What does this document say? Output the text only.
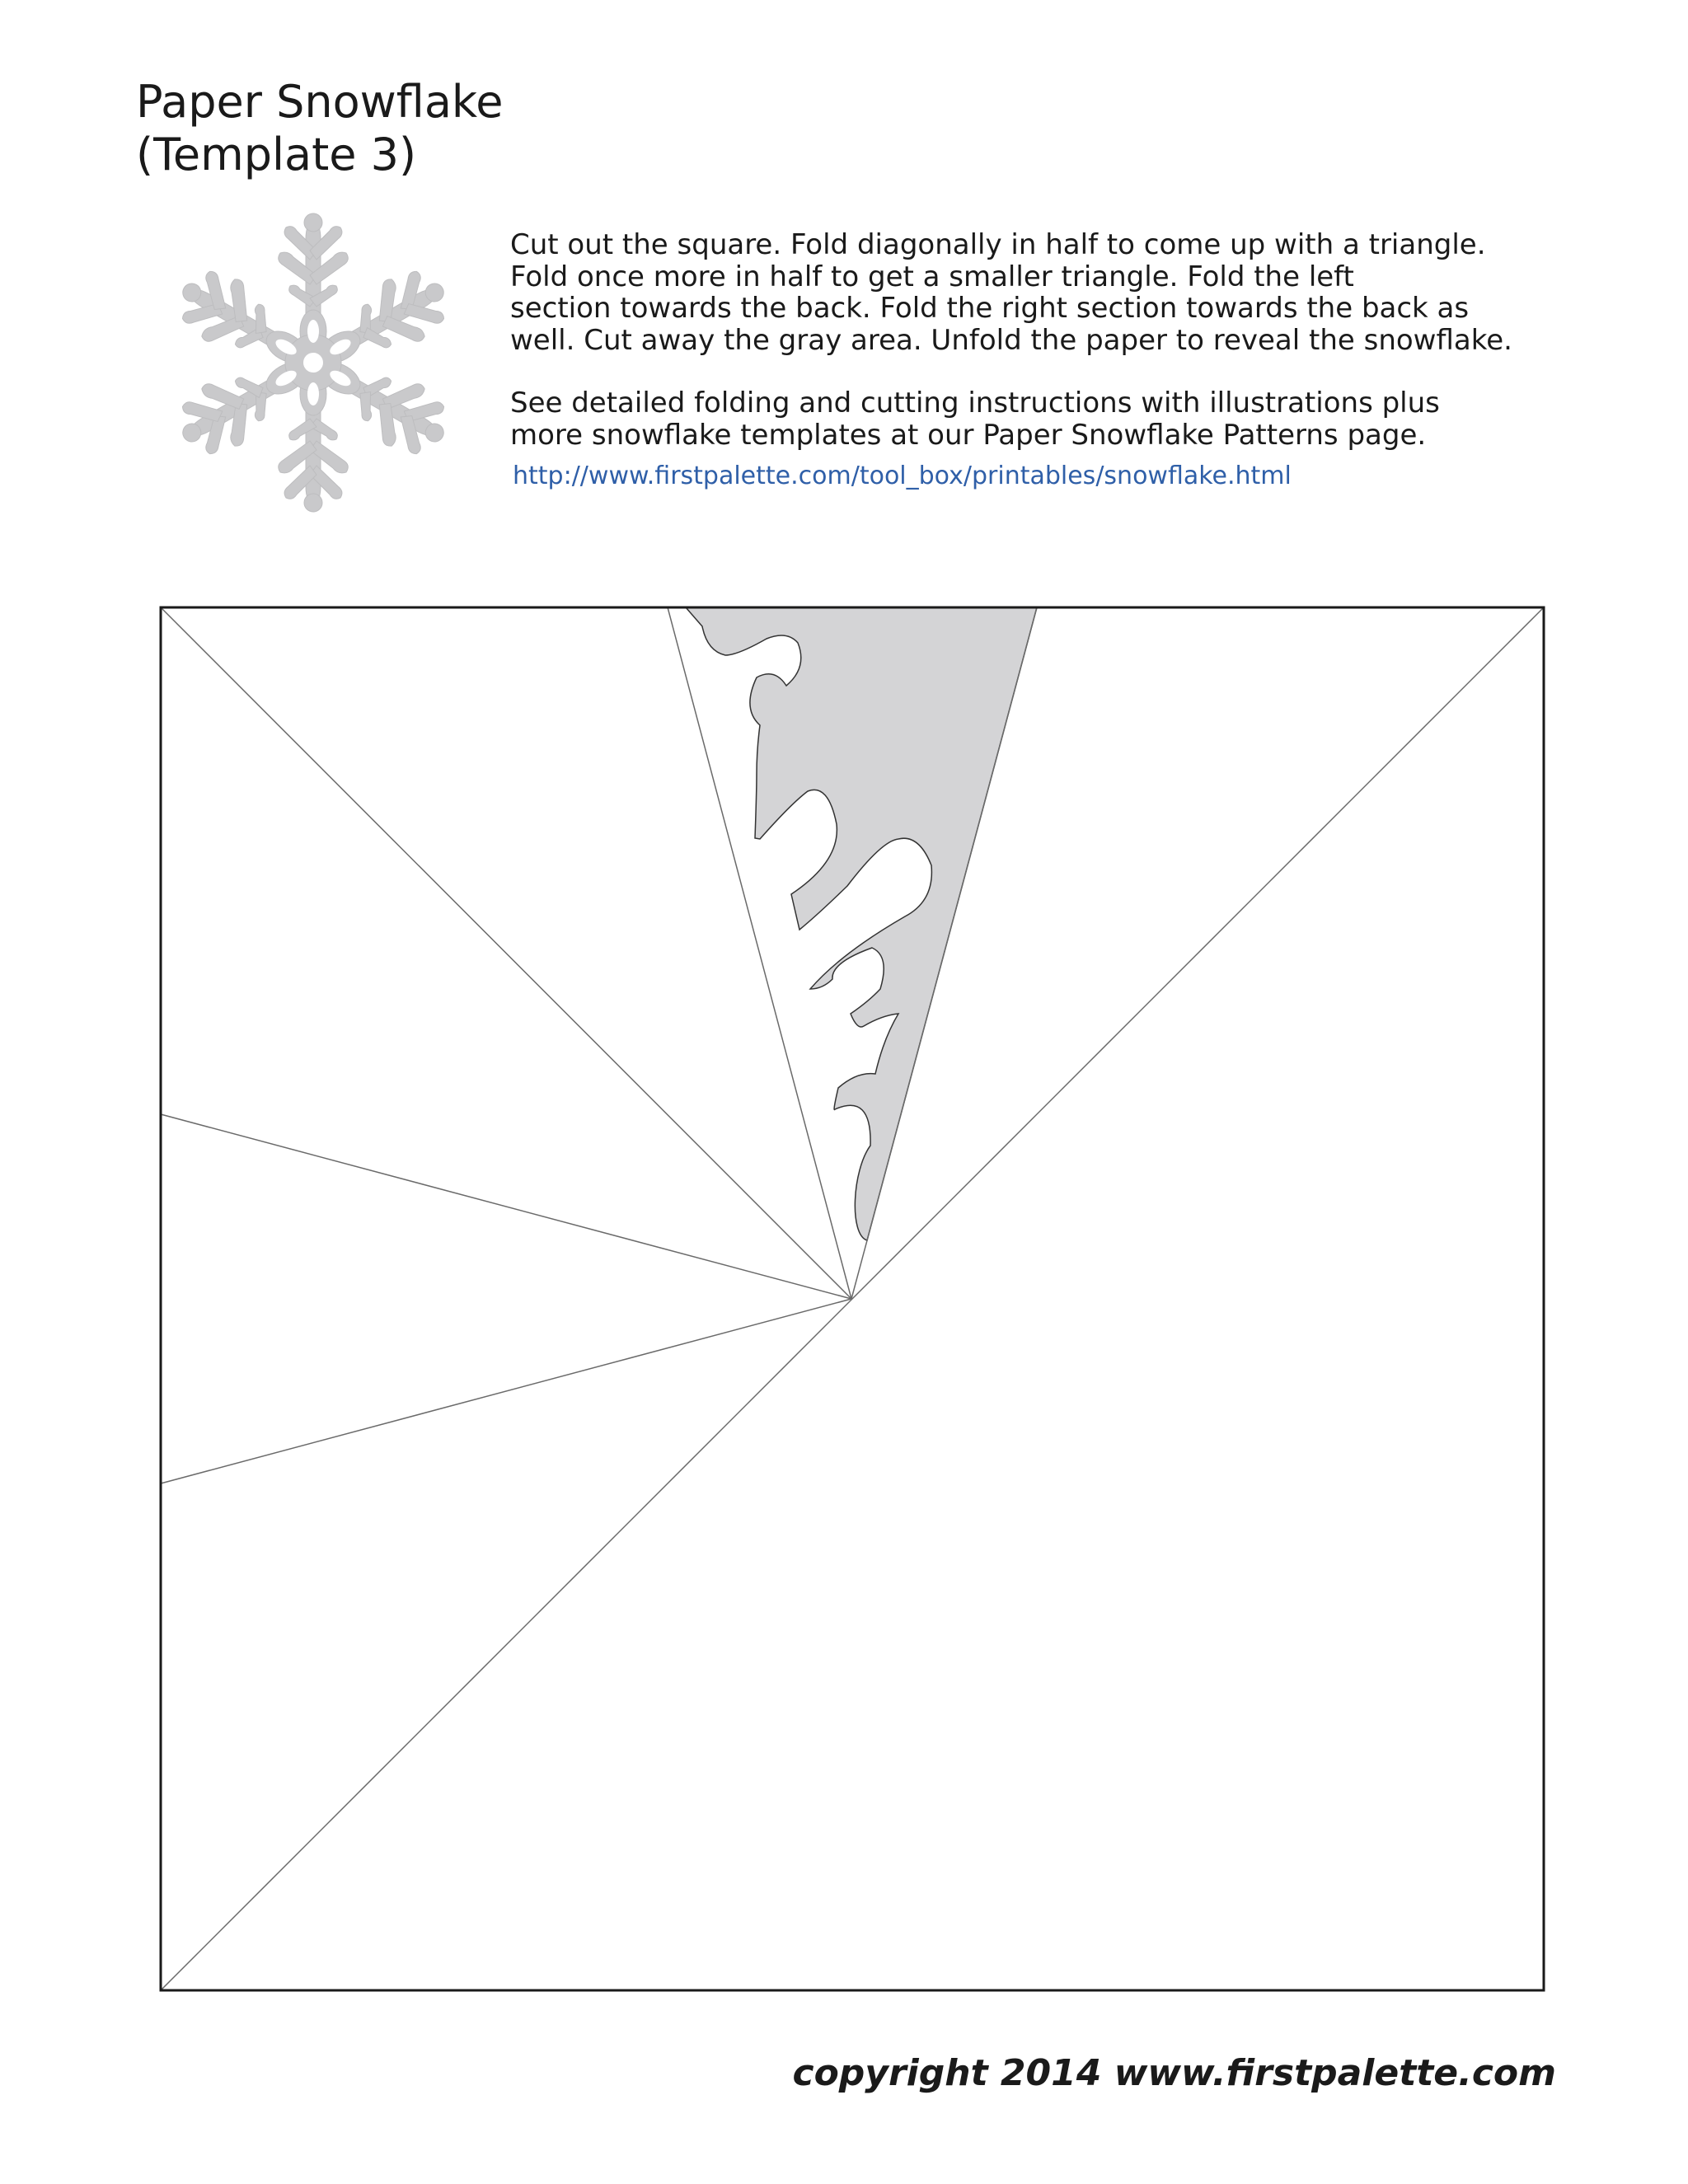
Paper Snowflake
(Template 3)

Cut out the square. Fold diagonally in half to come up with a triangle.
Fold once more in half to get a smaller triangle. Fold the left
section towards the back. Fold the right section towards the back as
well. Cut away the gray area. Unfold the paper to reveal the snowflake.

See detailed folding and cutting instructions with illustrations plus
more snowflake templates at our Paper Snowflake Patterns page.

http://www.firstpalette.com/tool_box/printables/snowflake.html
copyright 2014 www.firstpalette.com
